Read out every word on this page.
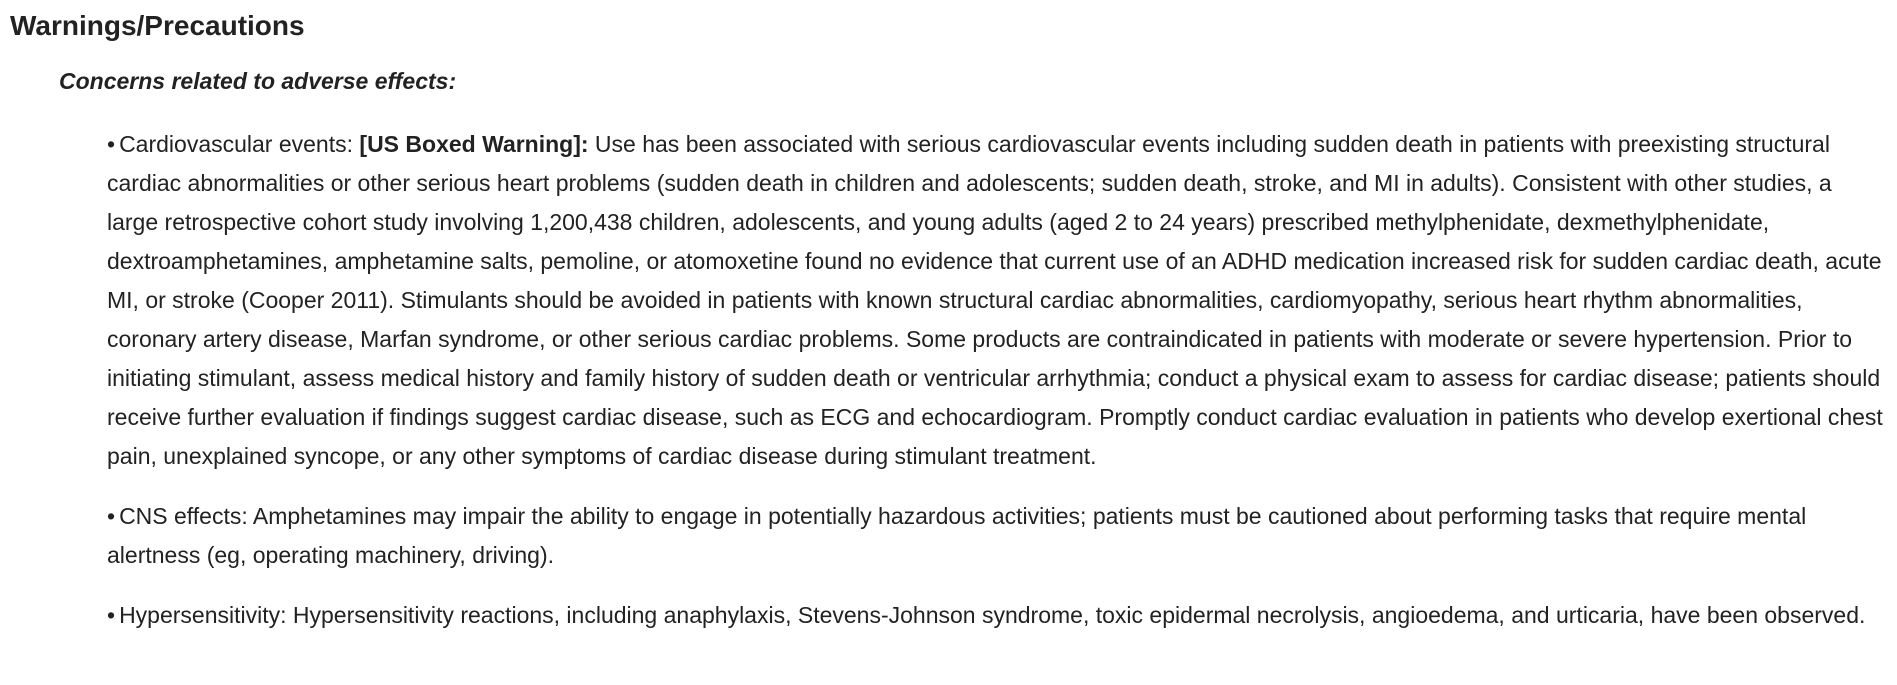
Warnings/Precautions
Concerns related to adverse effects:
• Cardiovascular events: [US Boxed Warning]: Use has been associated with serious cardiovascular events including sudden death in patients with preexisting structural cardiac abnormalities or other serious heart problems (sudden death in children and adolescents; sudden death, stroke, and MI in adults). Consistent with other studies, a large retrospective cohort study involving 1,200,438 children, adolescents, and young adults (aged 2 to 24 years) prescribed methylphenidate, dexmethylphenidate, dextroamphetamines, amphetamine salts, pemoline, or atomoxetine found no evidence that current use of an ADHD medication increased risk for sudden cardiac death, acute MI, or stroke (Cooper 2011). Stimulants should be avoided in patients with known structural cardiac abnormalities, cardiomyopathy, serious heart rhythm abnormalities, coronary artery disease, Marfan syndrome, or other serious cardiac problems. Some products are contraindicated in patients with moderate or severe hypertension. Prior to initiating stimulant, assess medical history and family history of sudden death or ventricular arrhythmia; conduct a physical exam to assess for cardiac disease; patients should receive further evaluation if findings suggest cardiac disease, such as ECG and echocardiogram. Promptly conduct cardiac evaluation in patients who develop exertional chest pain, unexplained syncope, or any other symptoms of cardiac disease during stimulant treatment.
• CNS effects: Amphetamines may impair the ability to engage in potentially hazardous activities; patients must be cautioned about performing tasks that require mental alertness (eg, operating machinery, driving).
• Hypersensitivity: Hypersensitivity reactions, including anaphylaxis, Stevens-Johnson syndrome, toxic epidermal necrolysis, angioedema, and urticaria, have been observed.
